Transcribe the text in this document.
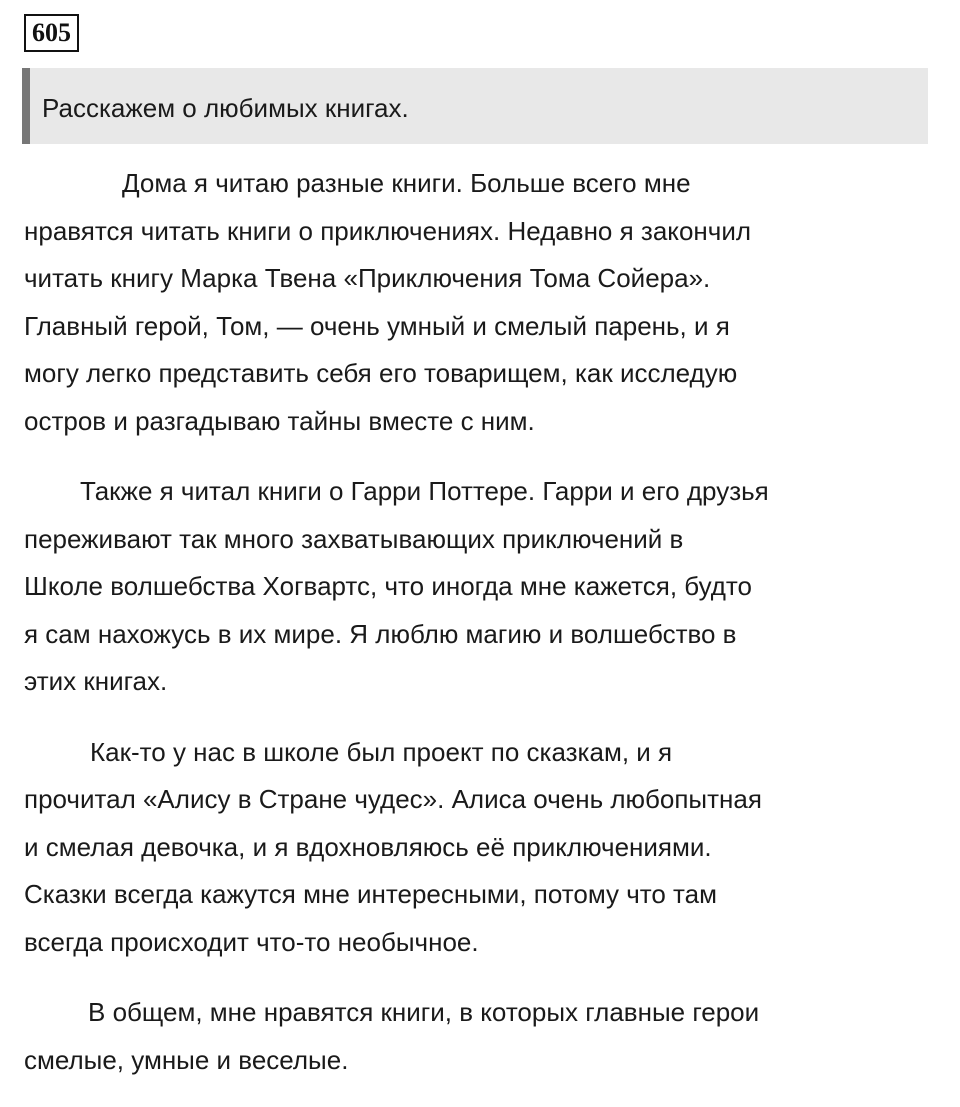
605
Расскажем о любимых книгах.

Дома я читаю разные книги. Больше всего мне
нравятся читать книги о приключениях. Недавно я закончил
читать книгу Марка Твена «Приключения Тома Сойера».
Главный герой, Том, — очень умный и смелый парень, и я
могу легко представить себя его товарищем, как исследую
остров и разгадываю тайны вместе с ним.

Также я читал книги о Гарри Поттере. Гарри и его друзья
переживают так много захватывающих приключений в
Школе волшебства Хогвартс, что иногда мне кажется, будто
я сам нахожусь в их мире. Я люблю магию и волшебство в
этих книгах.

Как-то у нас в школе был проект по сказкам, и я
прочитал «Алису в Стране чудес». Алиса очень любопытная
и смелая девочка, и я вдохновляюсь её приключениями.
Сказки всегда кажутся мне интересными, потому что там
всегда происходит что-то необычное.

В общем, мне нравятся книги, в которых главные герои
смелые, умные и веселые.
